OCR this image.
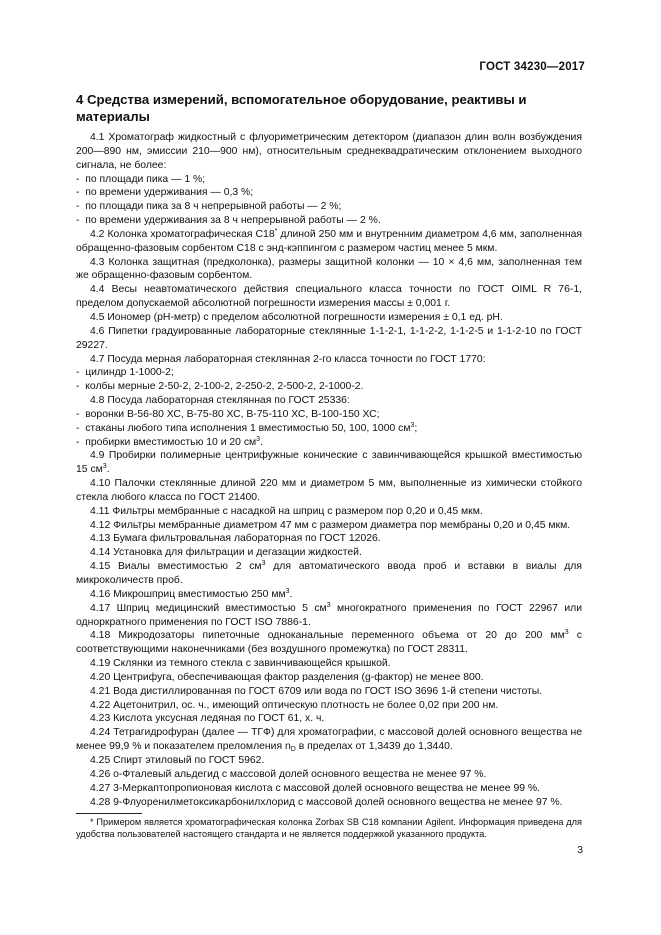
ГОСТ 34230—2017
4 Средства измерений, вспомогательное оборудование, реактивы и материалы

4.1 Хроматограф жидкостный с флуориметрическим детектором (диапазон длин волн возбуждения 200—890 нм, эмиссии 210—900 нм), относительным среднеквадратическим отклонением выходного сигнала, не более:

-  по площади пика — 1 %;

-  по времени удерживания — 0,3 %;

-  по площади пика за 8 ч непрерывной работы — 2 %;

-  по времени удерживания за 8 ч непрерывной работы — 2 %.

4.2 Колонка хроматографическая C18* длиной 250 мм и внутренним диаметром 4,6 мм, заполненная обращенно-фазовым сорбентом C18 с энд-кэппингом с размером частиц менее 5 мкм.

4.3 Колонка защитная (предколонка), размеры защитной колонки — 10 × 4,6 мм, заполненная тем же обращенно-фазовым сорбентом.

4.4 Весы неавтоматического действия специального класса точности по ГОСТ OIML R 76-1, пределом допускаемой абсолютной погрешности измерения массы ± 0,001 г.

4.5 Иономер (pH-метр) с пределом абсолютной погрешности измерения ± 0,1 ед. pH.

4.6 Пипетки градуированные лабораторные стеклянные 1-1-2-1, 1-1-2-2, 1-1-2-5 и 1-1-2-10 по ГОСТ 29227.

4.7 Посуда мерная лабораторная стеклянная 2-го класса точности по ГОСТ 1770:

-  цилиндр 1-1000-2;

-  колбы мерные 2-50-2, 2-100-2, 2-250-2, 2-500-2, 2-1000-2.

4.8 Посуда лабораторная стеклянная по ГОСТ 25336:

-  воронки В-56-80 ХС, В-75-80 ХС, В-75-110 ХС, В-100-150 ХС;

-  стаканы любого типа исполнения 1 вместимостью 50, 100, 1000 $см^3$;

-  пробирки вместимостью 10 и 20 $см^3$.

4.9 Пробирки полимерные центрифужные конические с завинчивающейся крышкой вместимостью 15 $см^3$.

4.10 Палочки стеклянные длиной 220 мм и диаметром 5 мм, выполненные из химически стойкого стекла любого класса по ГОСТ 21400.

4.11 Фильтры мембранные с насадкой на шприц с размером пор 0,20 и 0,45 мкм.

4.12 Фильтры мембранные диаметром 47 мм с размером диаметра пор мембраны 0,20 и 0,45 мкм.

4.13 Бумага фильтровальная лабораторная по ГОСТ 12026.

4.14 Установка для фильтрации и дегазации жидкостей.

4.15 Виалы вместимостью 2 $см^3$ для автоматического ввода проб и вставки в виалы для микроколичеств проб.

4.16 Микрошприц вместимостью 250 $мм^3$.

4.17 Шприц медицинский вместимостью 5 $см^3$ многократного применения по ГОСТ 22967 или одноркратного применения по ГОСТ ISO 7886-1.

4.18 Микродозаторы пипеточные одноканальные переменного объема от 20 до 200 $мм^3$ с соответствующими наконечниками (без воздушного промежутка) по ГОСТ 28311.

4.19 Склянки из темного стекла с завинчивающейся крышкой.

4.20 Центрифуга, обеспечивающая фактор разделения (g-фактор) не менее 800.

4.21 Вода дистиллированная по ГОСТ 6709 или вода по ГОСТ ISO 3696 1-й степени чистоты.

4.22 Ацетонитрил, ос. ч., имеющий оптическую плотность не более 0,02 при 200 нм.

4.23 Кислота уксусная ледяная по ГОСТ 61, х. ч.

4.24 Тетрагидрофуран (далее — ТГФ) для хроматографии, с массовой долей основного вещества не менее 99,9 % и показателем преломления $n_D$ в пределах от 1,3439 до 1,3440.

4.25 Спирт этиловый по ГОСТ 5962.

4.26 о-Фталевый альдегид с массовой долей основного вещества не менее 97 %.

4.27 3-Меркаптопропионовая кислота с массовой долей основного вещества не менее 99 %.

4.28 9-Флуоренилметоксикарбонилхлорид с массовой долей основного вещества не менее 97 %.

* Примером является хроматографическая колонка Zorbax SB C18 компании Agilent. Информация приведена для удобства пользователей настоящего стандарта и не является поддержкой указанного продукта.
3
